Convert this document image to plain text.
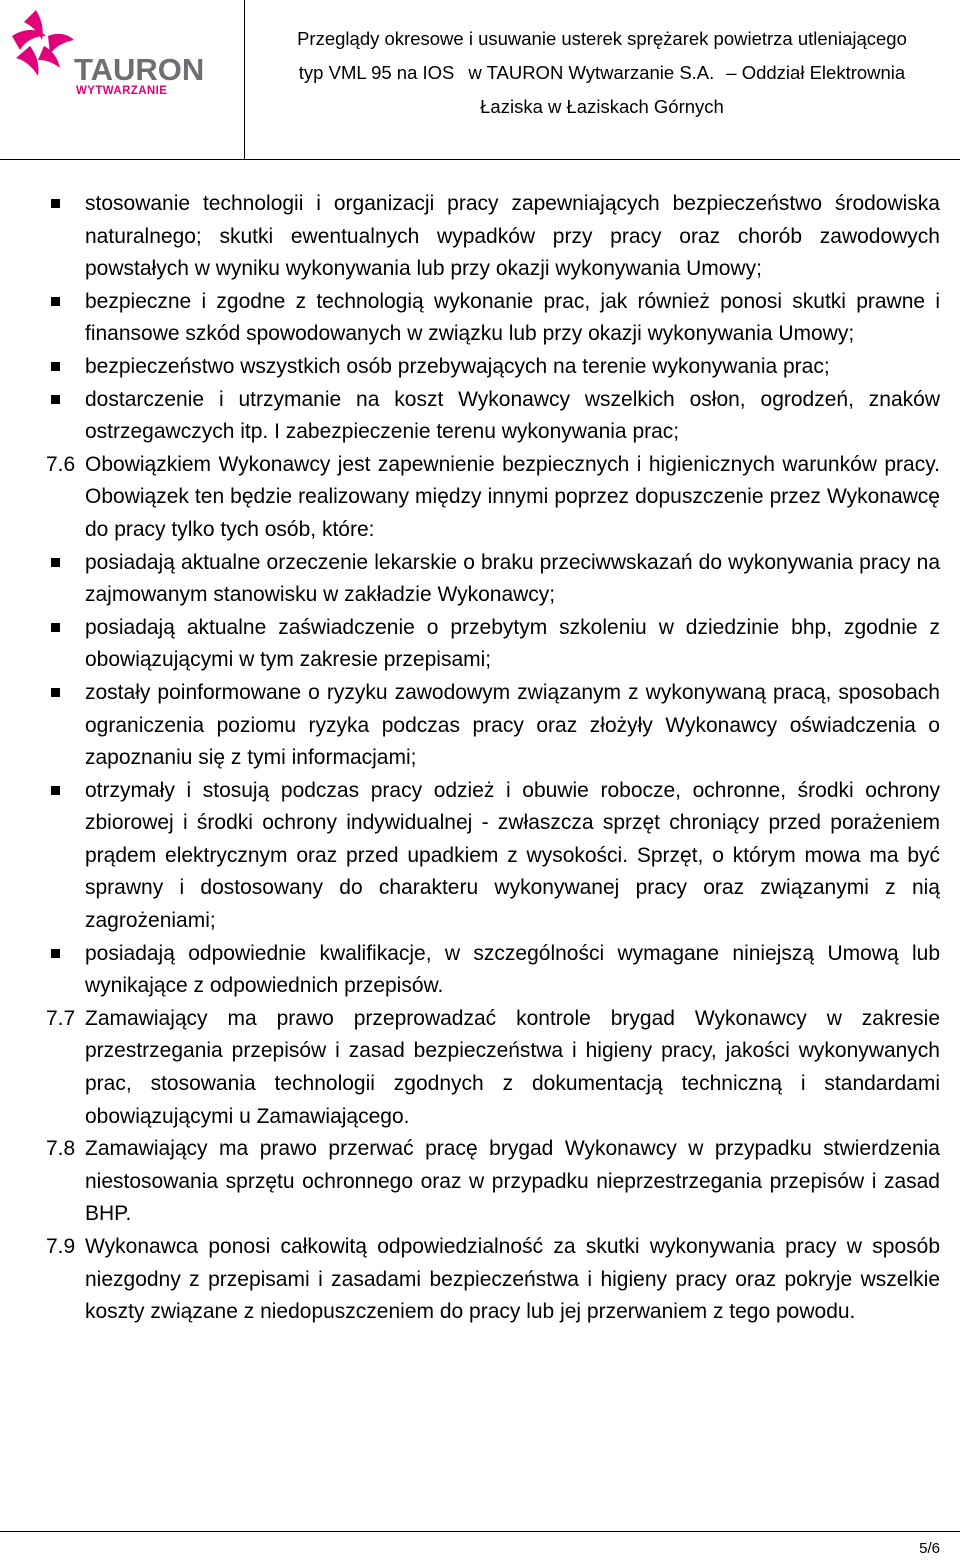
TAURON
WYTWARZANIE
Przeglądy okresowe i usuwanie usterek sprężarek powietrza utleniającego
typ VML 95 na IOS w TAURON Wytwarzanie S.A. – Oddział Elektrownia
Łaziska w Łaziskach Górnych

stosowanie technologii i organizacji pracy zapewniających bezpieczeństwo środowiska naturalnego; skutki ewentualnych wypadków przy pracy oraz chorób zawodowych powstałych w wyniku wykonywania lub przy okazji wykonywania Umowy;

bezpieczne i zgodne z technologią wykonanie prac, jak również ponosi skutki prawne i finansowe szkód spowodowanych w związku lub przy okazji wykonywania Umowy;

bezpieczeństwo wszystkich osób przebywających na terenie wykonywania prac;

dostarczenie i utrzymanie na koszt Wykonawcy wszelkich osłon, ogrodzeń, znaków ostrzegawczych itp. I zabezpieczenie terenu wykonywania prac;

7.6 Obowiązkiem Wykonawcy jest zapewnienie bezpiecznych i higienicznych warunków pracy. Obowiązek ten będzie realizowany między innymi poprzez dopuszczenie przez Wykonawcę do pracy tylko tych osób, które:

posiadają aktualne orzeczenie lekarskie o braku przeciwwskazań do wykonywania pracy na zajmowanym stanowisku w zakładzie Wykonawcy;

posiadają aktualne zaświadczenie o przebytym szkoleniu w dziedzinie bhp, zgodnie z obowiązującymi w tym zakresie przepisami;

zostały poinformowane o ryzyku zawodowym związanym z wykonywaną pracą, sposobach ograniczenia poziomu ryzyka podczas pracy oraz złożyły Wykonawcy oświadczenia o zapoznaniu się z tymi informacjami;

otrzymały i stosują podczas pracy odzież i obuwie robocze, ochronne, środki ochrony zbiorowej i środki ochrony indywidualnej - zwłaszcza sprzęt chroniący przed porażeniem prądem elektrycznym oraz przed upadkiem z wysokości. Sprzęt, o którym mowa ma być sprawny i dostosowany do charakteru wykonywanej pracy oraz związanymi z nią zagrożeniami;

posiadają odpowiednie kwalifikacje, w szczególności wymagane niniejszą Umową lub wynikające z odpowiednich przepisów.

7.7 Zamawiający ma prawo przeprowadzać kontrole brygad Wykonawcy w zakresie przestrzegania przepisów i zasad bezpieczeństwa i higieny pracy, jakości wykonywanych prac, stosowania technologii zgodnych z dokumentacją techniczną i standardami obowiązującymi u Zamawiającego.

7.8 Zamawiający ma prawo przerwać pracę brygad Wykonawcy w przypadku stwierdzenia niestosowania sprzętu ochronnego oraz w przypadku nieprzestrzegania przepisów i zasad BHP.

7.9 Wykonawca ponosi całkowitą odpowiedzialność za skutki wykonywania pracy w sposób niezgodny z przepisami i zasadami bezpieczeństwa i higieny pracy oraz pokryje wszelkie koszty związane z niedopuszczeniem do pracy lub jej przerwaniem z tego powodu.

5/6
